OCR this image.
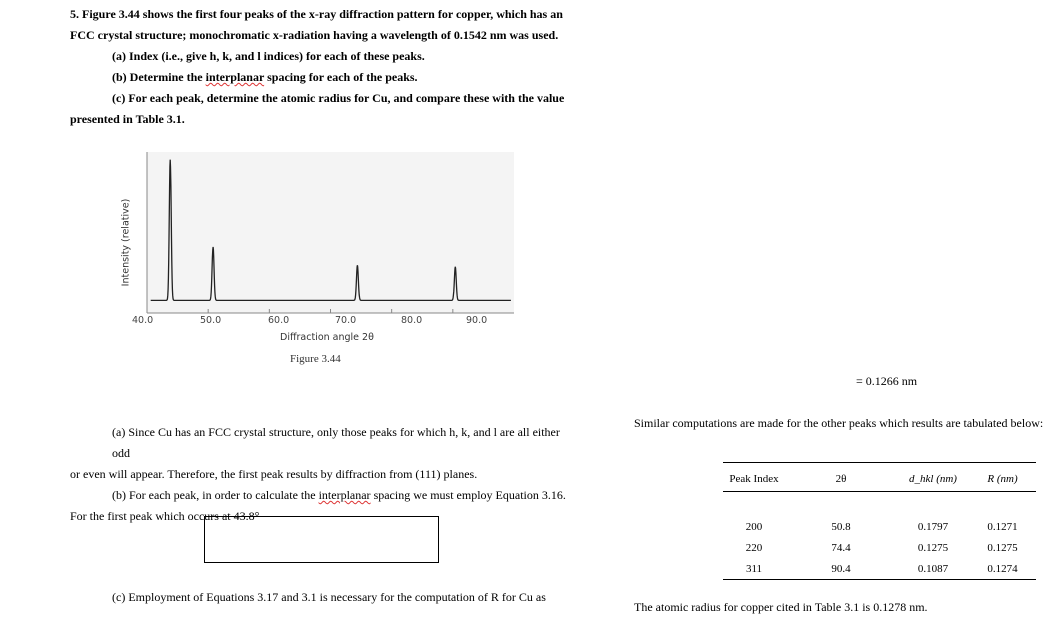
5. Figure 3.44 shows the first four peaks of the x-ray diffraction pattern for copper, which has an
FCC crystal structure; monochromatic x-radiation having a wavelength of 0.1542 nm was used.
(a) Index (i.e., give h, k, and l indices) for each of these peaks.
(b) Determine the interplanar spacing for each of the peaks.
(c) For each peak, determine the atomic radius for Cu, and compare these with the value
presented in Table 3.1.
Intensity (relative)
40.0	50.0	60.0	70.0	80.0	90.0
Diffraction angle 2θ
Figure 3.44
= 0.1266 nm
(a) Since Cu has an FCC crystal structure, only those peaks for which h, k, and l are all either odd
or even will appear. Therefore, the first peak results by diffraction from (111) planes.
(b) For each peak, in order to calculate the interplanar spacing we must employ Equation 3.16.
For the first peak which occurs at 43.8°
(c) Employment of Equations 3.17 and 3.1 is necessary for the computation of R for Cu as
Similar computations are made for the other peaks which results are tabulated below:
Peak Index	2θ	d_hkl (nm)	R (nm)

200	50.8	0.1797	0.1271
220	74.4	0.1275	0.1275
311	90.4	0.1087	0.1274
The atomic radius for copper cited in Table 3.1 is 0.1278 nm.
